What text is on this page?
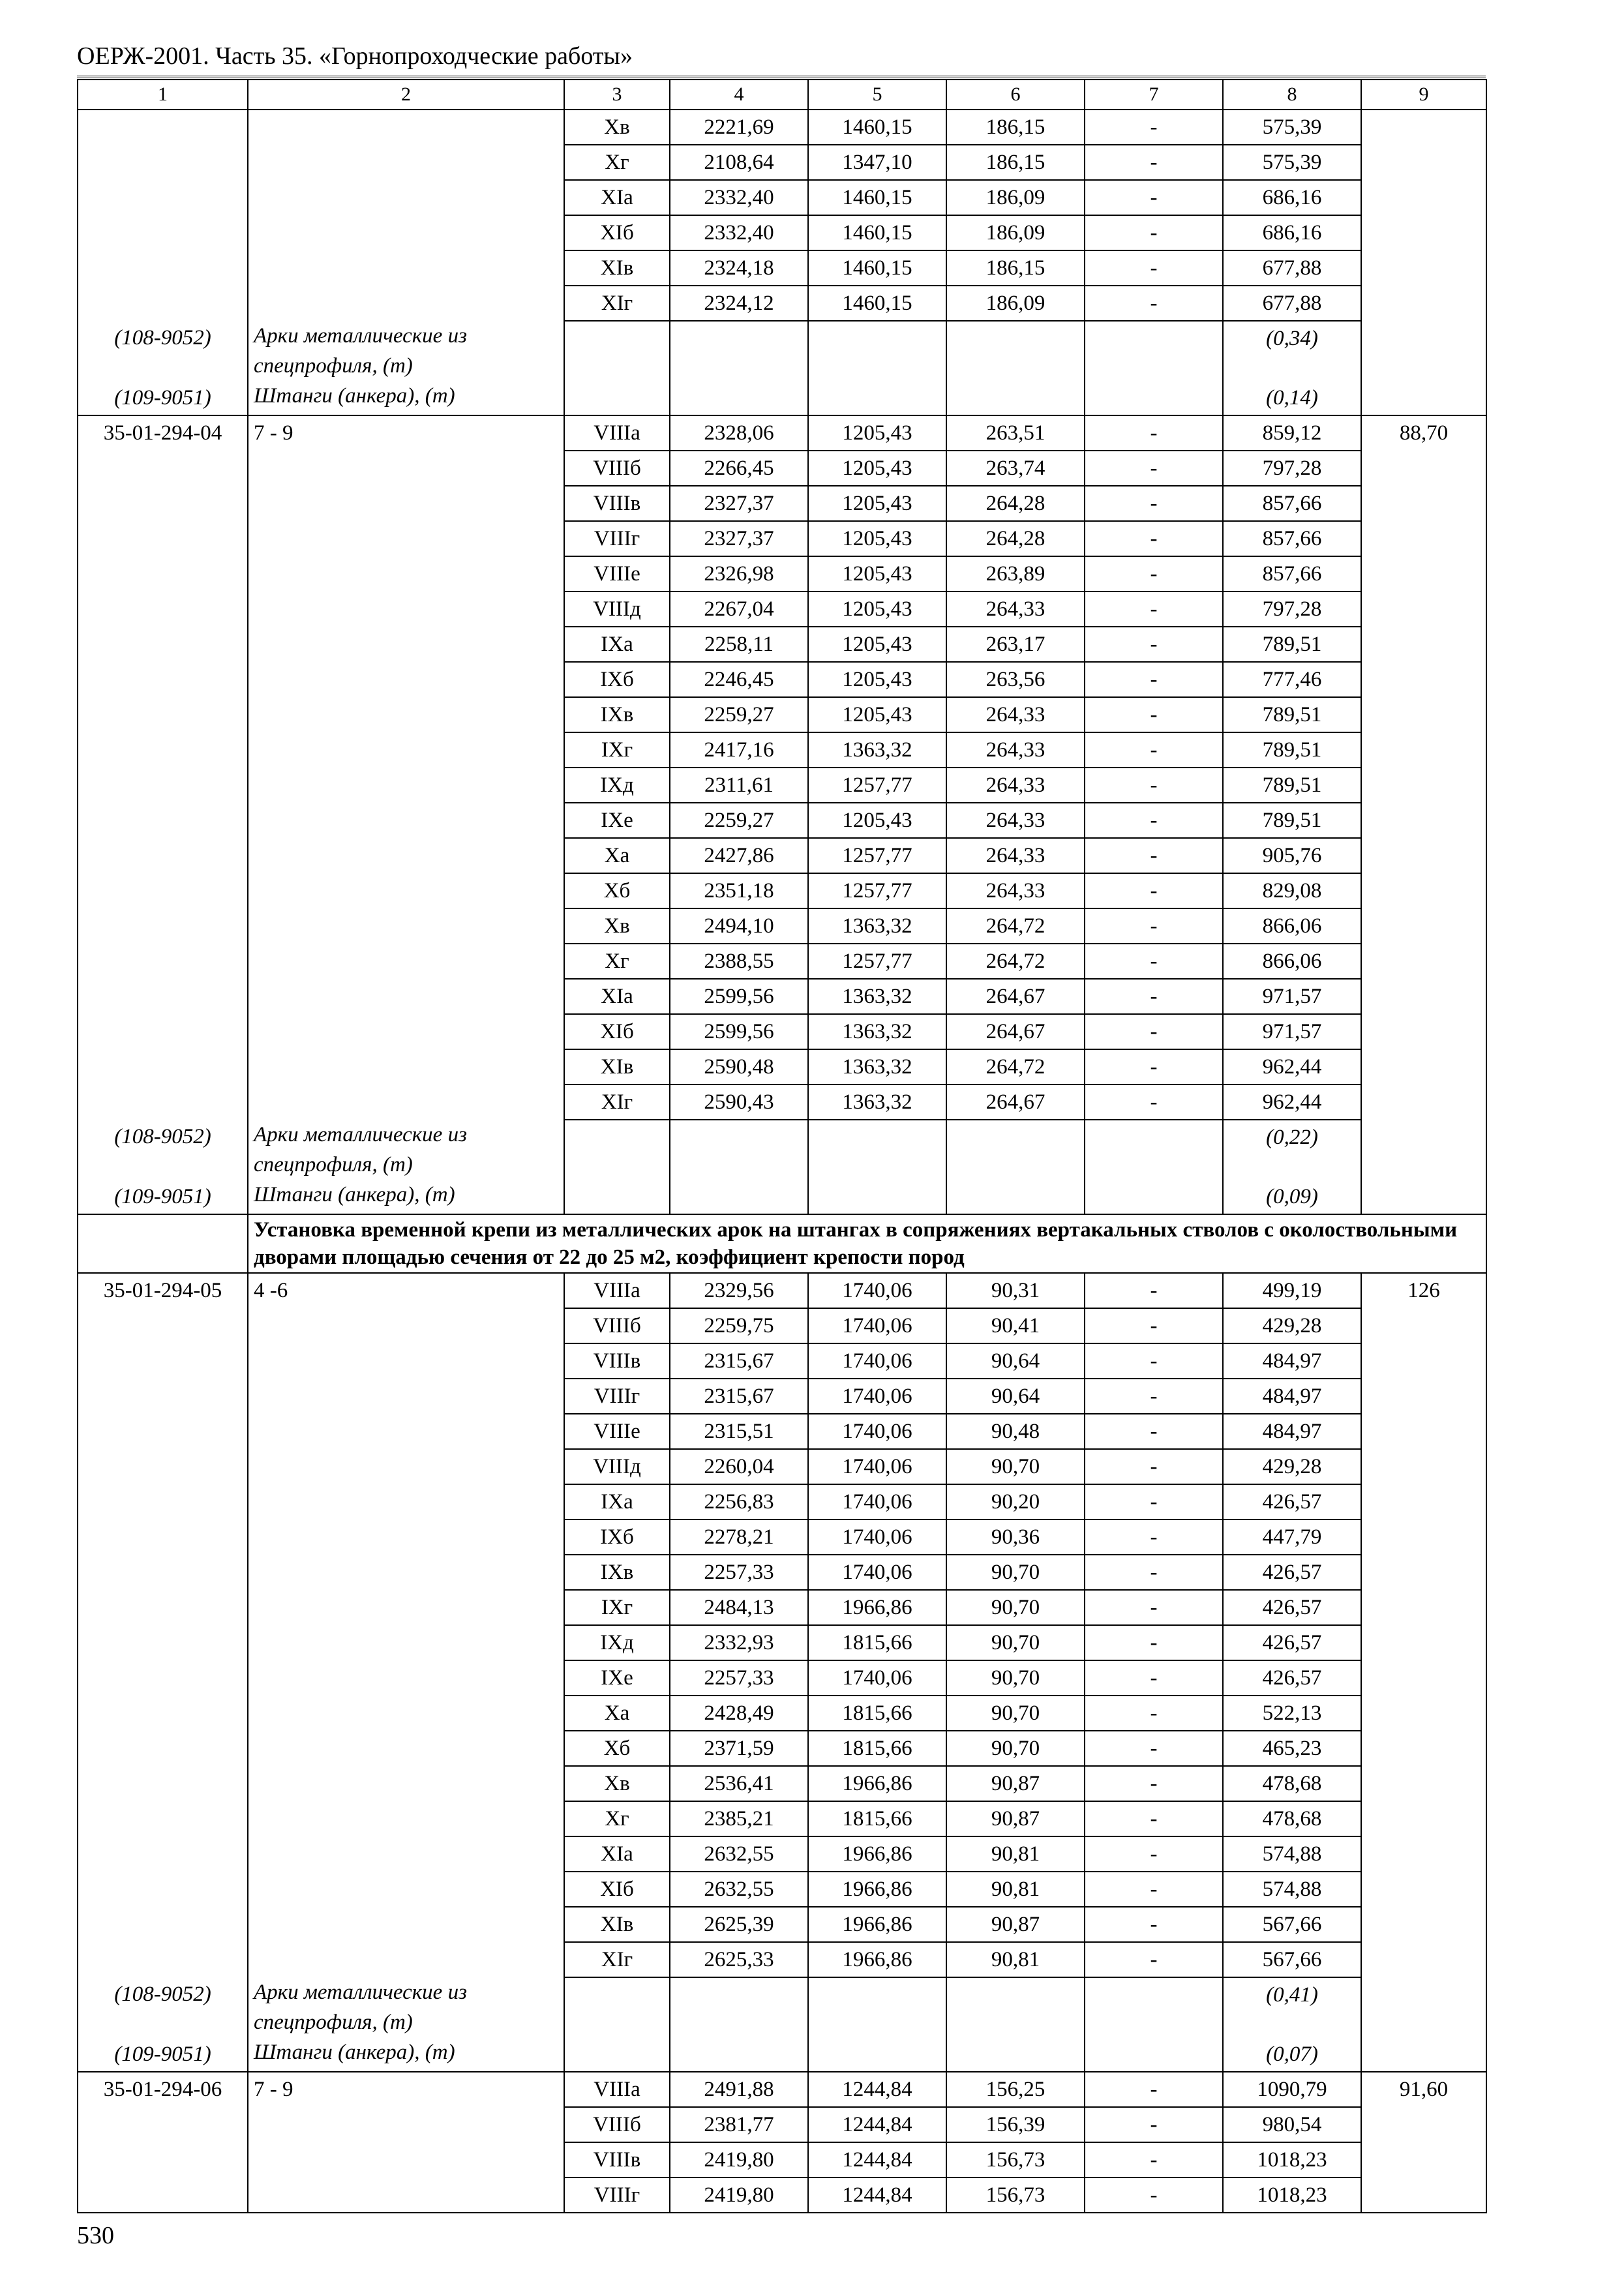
ОЕРЖ-2001. Часть 35. «Горнопроходческие работы»
1	2	3	4	5	6	7	8	9
		Хв	2221,69	1460,15	186,15	-	575,39	
		Хг	2108,64	1347,10	186,15	-	575,39	
		ХIа	2332,40	1460,15	186,09	-	686,16	
		ХIб	2332,40	1460,15	186,09	-	686,16	
		ХIв	2324,18	1460,15	186,15	-	677,88	
		ХIг	2324,12	1460,15	186,09	-	677,88	
(108-9052)	Арки металлические из спецпрофиля, (т)						(0,34)	
(109-9051)	Штанги (анкера), (т)						(0,14)	
35-01-294-04	7 - 9	VIIIа	2328,06	1205,43	263,51	-	859,12	88,70
		VIIIб	2266,45	1205,43	263,74	-	797,28	
		VIIIв	2327,37	1205,43	264,28	-	857,66	
		VIIIг	2327,37	1205,43	264,28	-	857,66	
		VIIIе	2326,98	1205,43	263,89	-	857,66	
		VIIIд	2267,04	1205,43	264,33	-	797,28	
		IХа	2258,11	1205,43	263,17	-	789,51	
		IХб	2246,45	1205,43	263,56	-	777,46	
		IХв	2259,27	1205,43	264,33	-	789,51	
		IХг	2417,16	1363,32	264,33	-	789,51	
		IХд	2311,61	1257,77	264,33	-	789,51	
		IХе	2259,27	1205,43	264,33	-	789,51	
		Ха	2427,86	1257,77	264,33	-	905,76	
		Хб	2351,18	1257,77	264,33	-	829,08	
		Хв	2494,10	1363,32	264,72	-	866,06	
		Хг	2388,55	1257,77	264,72	-	866,06	
		ХIа	2599,56	1363,32	264,67	-	971,57	
		ХIб	2599,56	1363,32	264,67	-	971,57	
		ХIв	2590,48	1363,32	264,72	-	962,44	
		ХIг	2590,43	1363,32	264,67	-	962,44	
(108-9052)	Арки металлические из спецпрофиля, (т)						(0,22)	
(109-9051)	Штанги (анкера), (т)						(0,09)	
	Установка временной крепи из металлических арок на штангах в сопряжениях вертакальных стволов с околоствольными дворами площадью сечения от 22 до 25 м2, коэффициент крепости пород							
35-01-294-05	4 -6	VIIIа	2329,56	1740,06	90,31	-	499,19	126
		VIIIб	2259,75	1740,06	90,41	-	429,28	
		VIIIв	2315,67	1740,06	90,64	-	484,97	
		VIIIг	2315,67	1740,06	90,64	-	484,97	
		VIIIе	2315,51	1740,06	90,48	-	484,97	
		VIIIд	2260,04	1740,06	90,70	-	429,28	
		IХа	2256,83	1740,06	90,20	-	426,57	
		IХб	2278,21	1740,06	90,36	-	447,79	
		IХв	2257,33	1740,06	90,70	-	426,57	
		IХг	2484,13	1966,86	90,70	-	426,57	
		IХд	2332,93	1815,66	90,70	-	426,57	
		IХе	2257,33	1740,06	90,70	-	426,57	
		Ха	2428,49	1815,66	90,70	-	522,13	
		Хб	2371,59	1815,66	90,70	-	465,23	
		Хв	2536,41	1966,86	90,87	-	478,68	
		Хг	2385,21	1815,66	90,87	-	478,68	
		ХIа	2632,55	1966,86	90,81	-	574,88	
		ХIб	2632,55	1966,86	90,81	-	574,88	
		ХIв	2625,39	1966,86	90,87	-	567,66	
		ХIг	2625,33	1966,86	90,81	-	567,66	
(108-9052)	Арки металлические из спецпрофиля, (т)						(0,41)	
(109-9051)	Штанги (анкера), (т)						(0,07)	
35-01-294-06	7 - 9	VIIIа	2491,88	1244,84	156,25	-	1090,79	91,60
		VIIIб	2381,77	1244,84	156,39	-	980,54	
		VIIIв	2419,80	1244,84	156,73	-	1018,23	
		VIIIг	2419,80	1244,84	156,73	-	1018,23	
530
